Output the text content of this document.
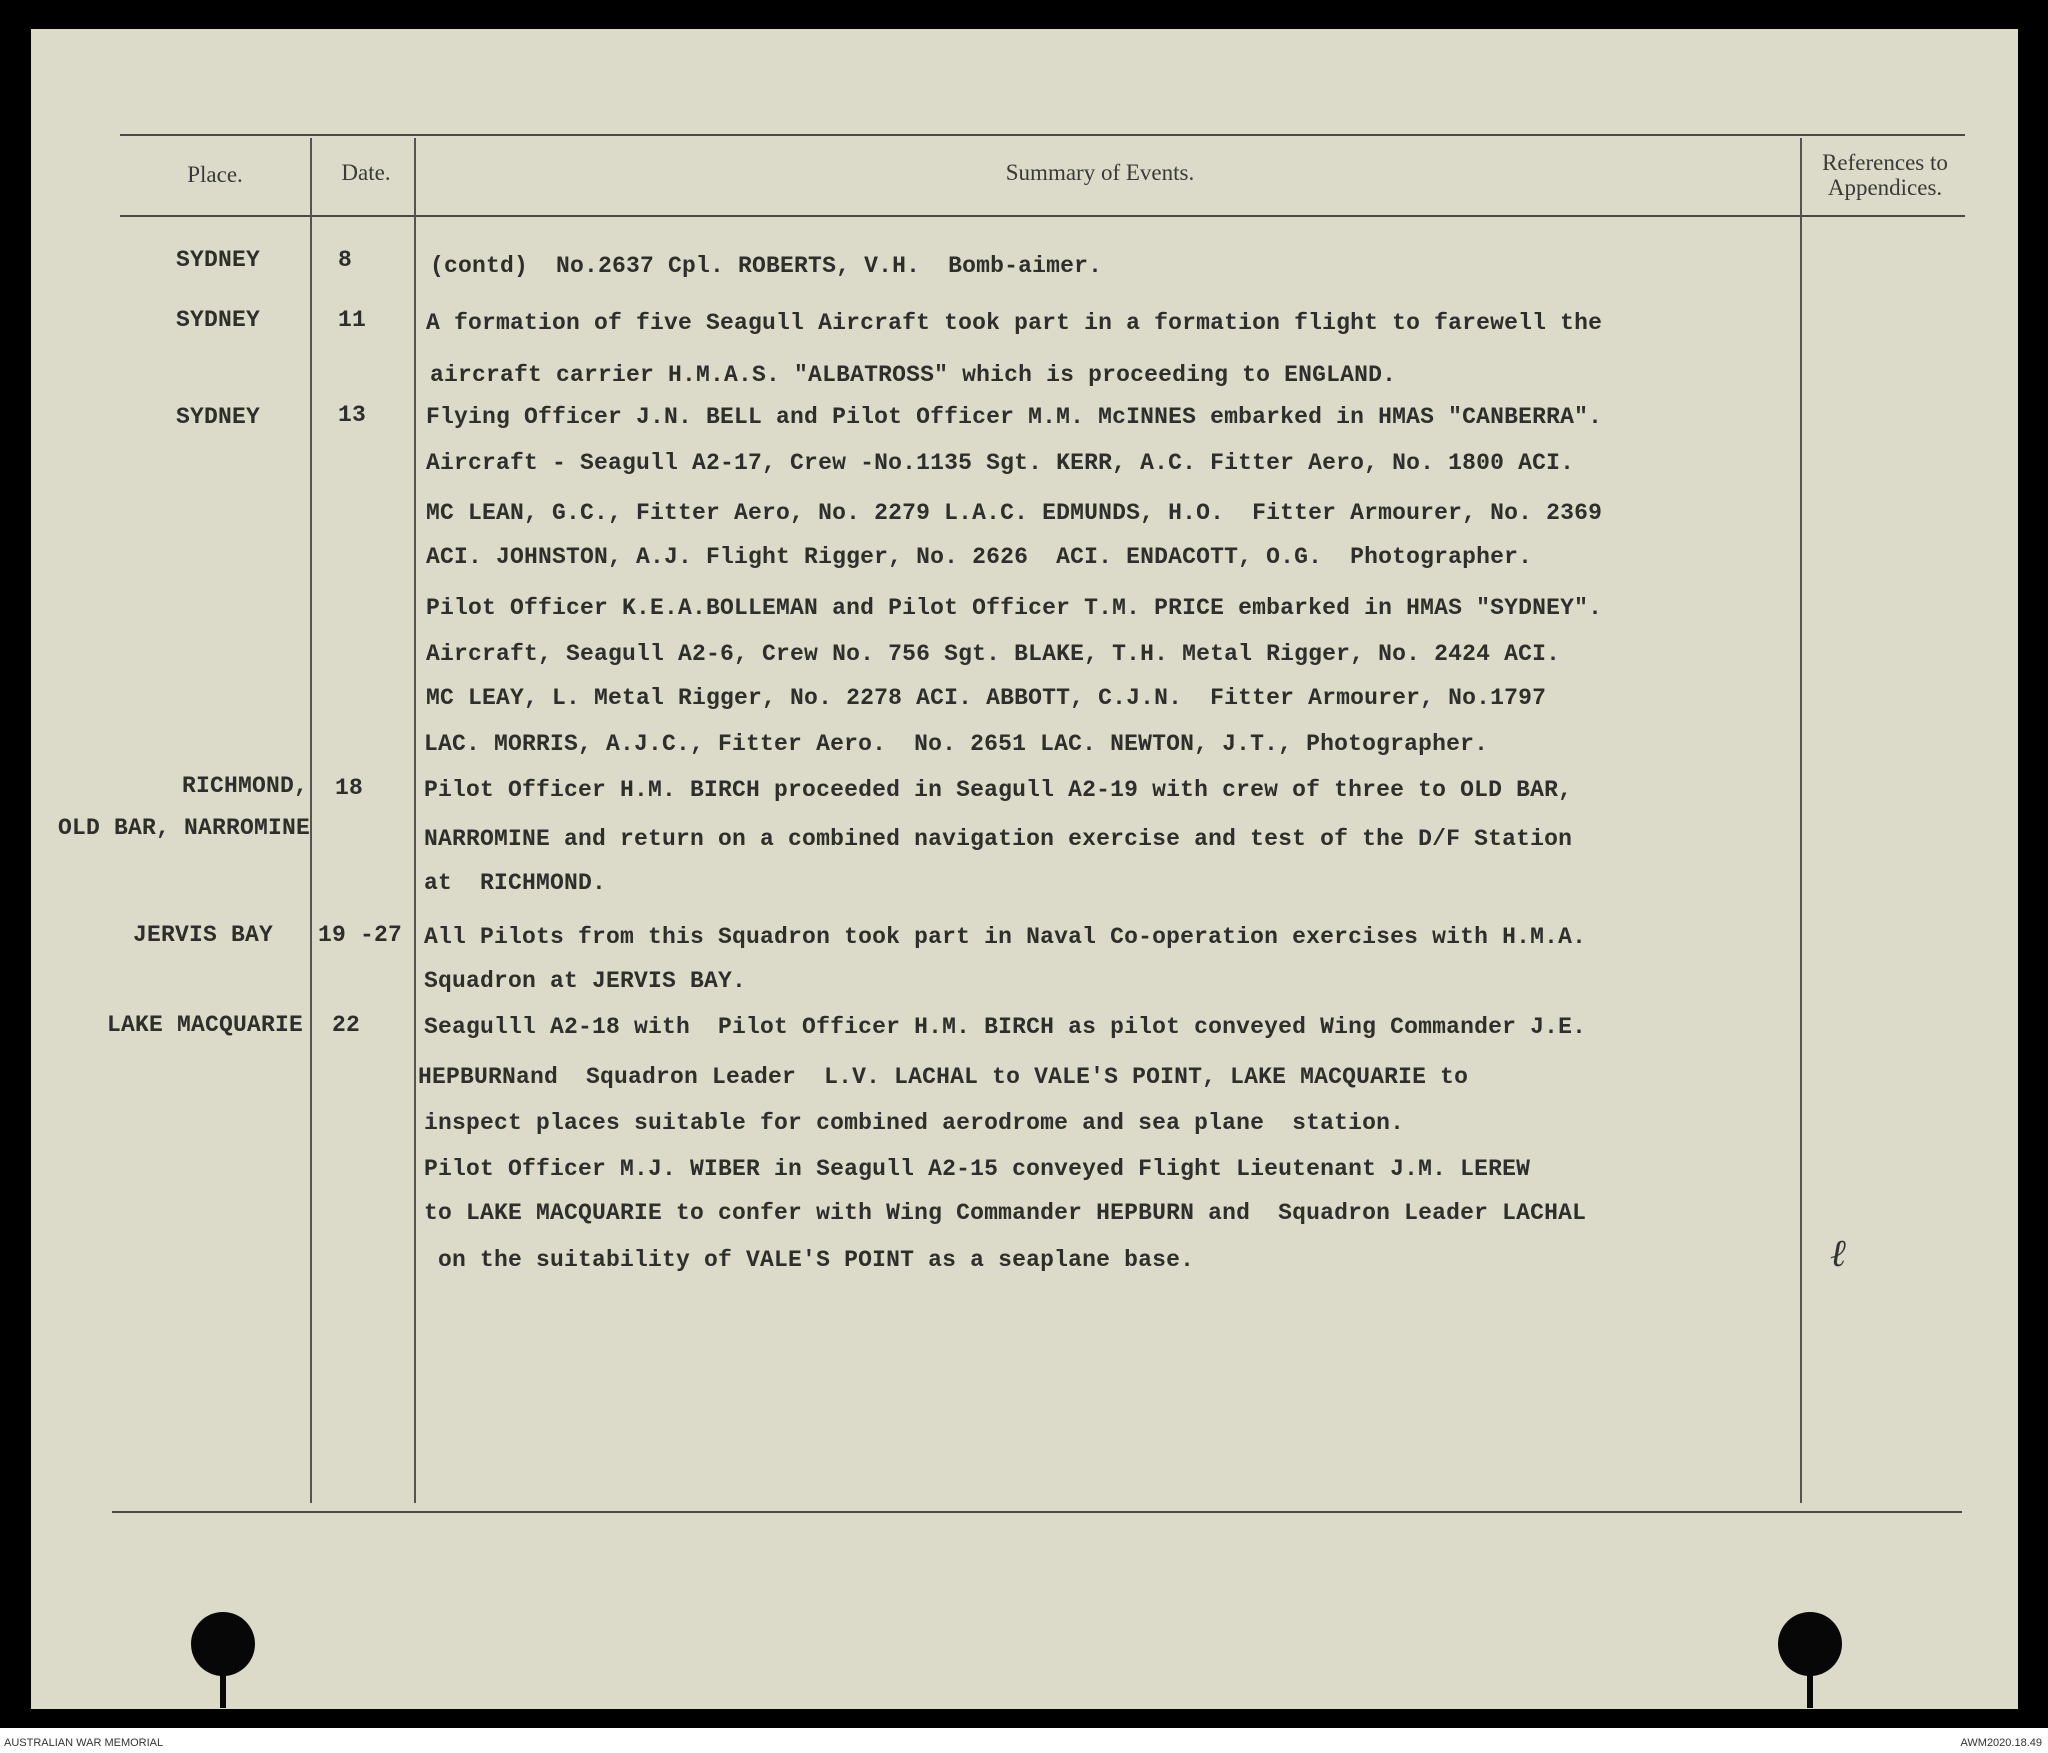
Place.	Date.	Summary of Events.	References to
Appendices.
SYDNEY	8	(contd)  No.2637 Cpl. ROBERTS, V.H.  Bomb-aimer.
SYDNEY	11	A formation of five Seagull Aircraft took part in a formation flight to farewell the
aircraft carrier H.M.A.S. "ALBATROSS" which is proceeding to ENGLAND.
SYDNEY	13	Flying Officer J.N. BELL and Pilot Officer M.M. McINNES embarked in HMAS "CANBERRA".
Aircraft - Seagull A2-17, Crew -No.1135 Sgt. KERR, A.C. Fitter Aero, No. 1800 ACI.
MC LEAN, G.C., Fitter Aero, No. 2279 L.A.C. EDMUNDS, H.O.  Fitter Armourer, No. 2369
ACI. JOHNSTON, A.J. Flight Rigger, No. 2626  ACI. ENDACOTT, O.G.  Photographer.
Pilot Officer K.E.A.BOLLEMAN and Pilot Officer T.M. PRICE embarked in HMAS "SYDNEY".
Aircraft, Seagull A2-6, Crew No. 756 Sgt. BLAKE, T.H. Metal Rigger, No. 2424 ACI.
MC LEAY, L. Metal Rigger, No. 2278 ACI. ABBOTT, C.J.N.  Fitter Armourer, No.1797
LAC. MORRIS, A.J.C., Fitter Aero.  No. 2651 LAC. NEWTON, J.T., Photographer.
RICHMOND,
OLD BAR, NARROMINE
18	Pilot Officer H.M. BIRCH proceeded in Seagull A2-19 with crew of three to OLD BAR,
NARROMINE and return on a combined navigation exercise and test of the D/F Station
at  RICHMOND.
JERVIS BAY 19 -27 All Pilots from this Squadron took part in Naval Co-operation exercises with H.M.A.
Squadron at JERVIS BAY.
LAKE MACQUARIE 22	Seagulll A2-18 with  Pilot Officer H.M. BIRCH as pilot conveyed Wing Commander J.E.
HEPBURNand  Squadron Leader  L.V. LACHAL to VALE'S POINT, LAKE MACQUARIE to
inspect places suitable for combined aerodrome and sea plane  station.
Pilot Officer M.J. WIBER in Seagull A2-15 conveyed Flight Lieutenant J.M. LEREW
to LAKE MACQUARIE to confer with Wing Commander HEPBURN and  Squadron Leader LACHAL
on the suitability of VALE'S POINT as a seaplane base.	ℓ
AUSTRALIAN WAR MEMORIAL	AWM2020.18.49
